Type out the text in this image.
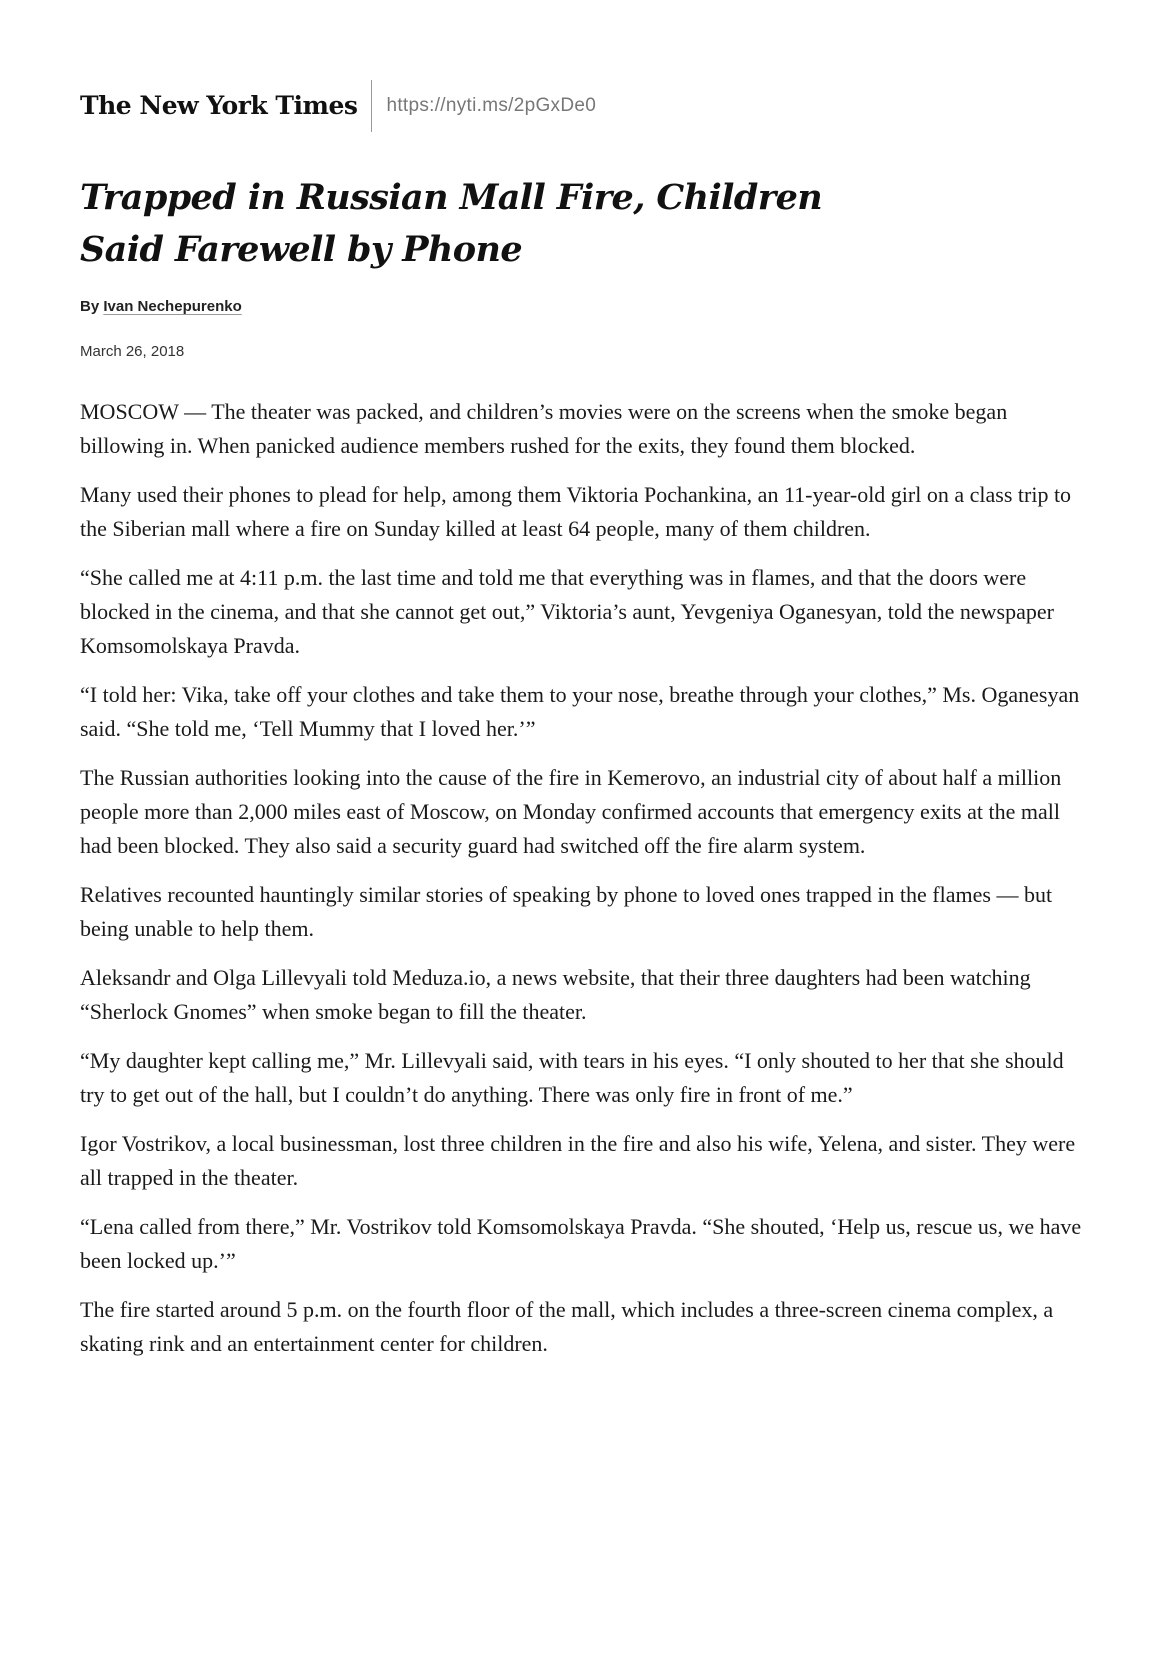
The New York Times	https://nyti.ms/2pGxDe0
Trapped in Russian Mall Fire, Children
Said Farewell by Phone
By Ivan Nechepurenko
March 26, 2018

MOSCOW — The theater was packed, and children’s movies were on the screens when the smoke began billowing in. When panicked audience members rushed for the exits, they found them blocked.

Many used their phones to plead for help, among them Viktoria Pochankina, an 11-year-old girl on a class trip to the Siberian mall where a fire on Sunday killed at least 64 people, many of them children.

“She called me at 4:11 p.m. the last time and told me that everything was in flames, and that the doors were blocked in the cinema, and that she cannot get out,” Viktoria’s aunt, Yevgeniya Oganesyan, told the newspaper Komsomolskaya Pravda.

“I told her: Vika, take off your clothes and take them to your nose, breathe through your clothes,” Ms. Oganesyan said. “She told me, ‘Tell Mummy that I loved her.’”

The Russian authorities looking into the cause of the fire in Kemerovo, an industrial city of about half a million people more than 2,000 miles east of Moscow, on Monday confirmed accounts that emergency exits at the mall had been blocked. They also said a security guard had switched off the fire alarm system.

Relatives recounted hauntingly similar stories of speaking by phone to loved ones trapped in the flames — but being unable to help them.

Aleksandr and Olga Lillevyali told Meduza.io, a news website, that their three daughters had been watching “Sherlock Gnomes” when smoke began to fill the theater.

“My daughter kept calling me,” Mr. Lillevyali said, with tears in his eyes. “I only shouted to her that she should try to get out of the hall, but I couldn’t do anything. There was only fire in front of me.”

Igor Vostrikov, a local businessman, lost three children in the fire and also his wife, Yelena, and sister. They were all trapped in the theater.

“Lena called from there,” Mr. Vostrikov told Komsomolskaya Pravda. “She shouted, ‘Help us, rescue us, we have been locked up.’”

The fire started around 5 p.m. on the fourth floor of the mall, which includes a three-screen cinema complex, a skating rink and an entertainment center for children.
